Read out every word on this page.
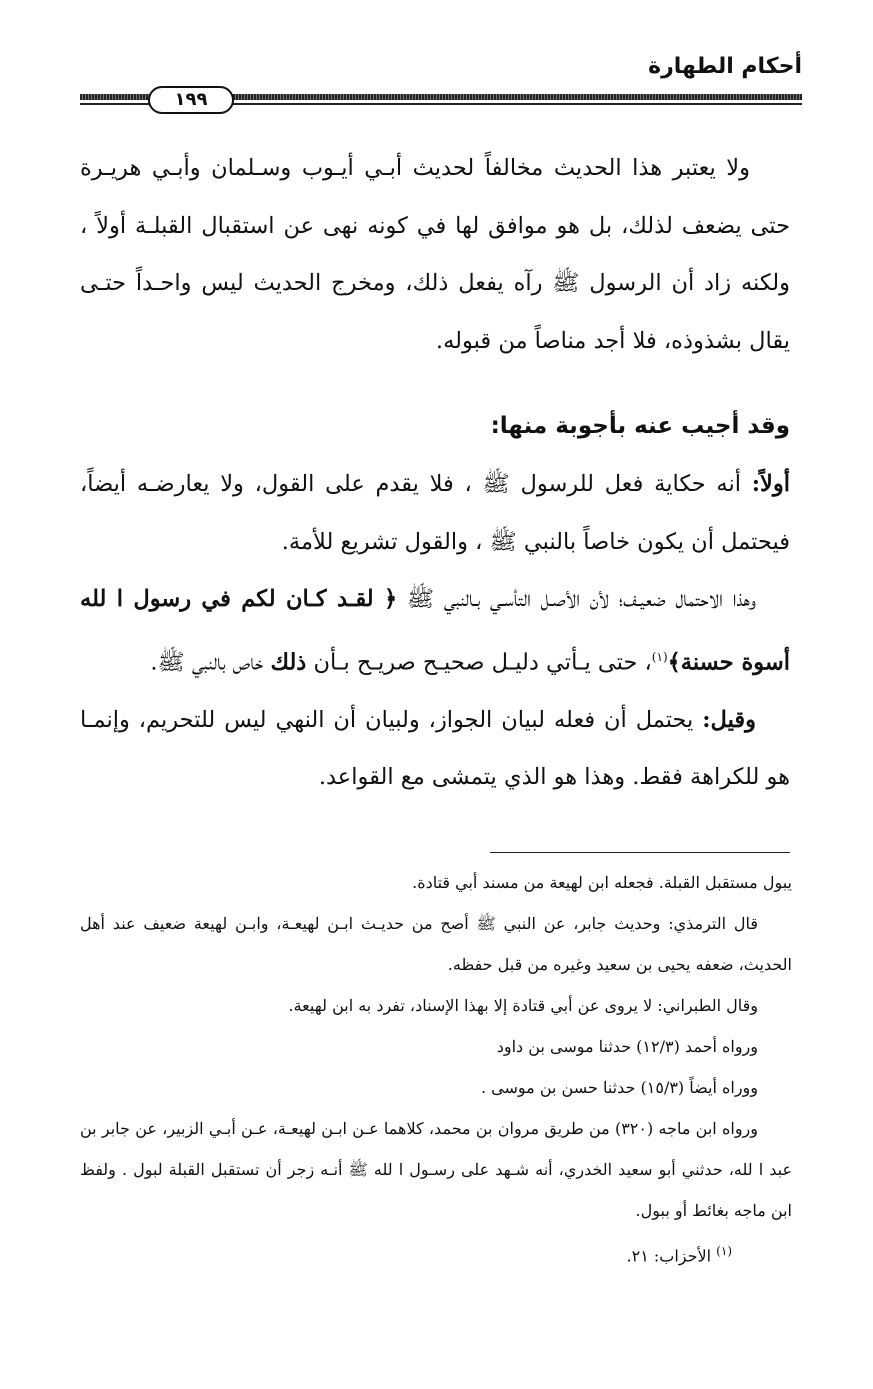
أحكام الطهارة
١٩٩

ولا يعتبر هذا الحديث مخالفاً لحديث أبـي أيـوب وسـلمان وأبـي هريـرة حتى يضعف لذلك، بل هو موافق لها في كونه نهى عن استقبال القبلـة أولاً ، ولكنه زاد أن الرسول ﷺ رآه يفعل ذلك، ومخرج الحديث ليس واحـداً حتـى يقال بشذوذه، فلا أجد مناصاً من قبوله.

وقد أجيب عنه بأجوبة منها:

أولاً: أنه حكاية فعل للرسول ﷺ ، فلا يقدم على القول، ولا يعارضـه أيضاً، فيحتمل أن يكون خاصاً بالنبي ﷺ ، والقول تشريع للأمة.

وهذا الاحتمال ضعيـف؛ لأن الأصـل التأسـي بـالنبي ﷺ ﴿ لقـد كـان لكم في رسول ا لله أسوة حسنة﴾$^{(١)}$، حتى يـأتي دليـل صحيـح صريـح بـأن ذلك خاص بالنبي ﷺ.

وقيل: يحتمل أن فعله لبيان الجواز، ولبيان أن النهي ليس للتحريم، وإنمـا هو للكراهة فقط. وهذا هو الذي يتمشى مع القواعد.

يبول مستقبل القبلة. فجعله ابن لهيعة من مسند أبي قتادة.

قال الترمذي: وحديث جابر، عن النبي ﷺ أصح من حديـث ابـن لهيعـة، وابـن لهيعة ضعيف عند أهل الحديث، ضعفه يحيى بن سعيد وغيره من قبل حفظه.

وقال الطبراني: لا يروى عن أبي قتادة إلا بهذا الإسناد، تفرد به ابن لهيعة.

ورواه أحمد (١٢/٣) حدثنا موسى بن داود

ووراه أيضاً (١٥/٣) حدثنا حسن بن موسى .

ورواه ابن ماجه (٣٢٠) من طريق مروان بن محمد، كلاهما عـن ابـن لهيعـة، عـن أبـي الزبير، عن جابر بن عبد ا لله، حدثني أبو سعيد الخدري، أنه شـهد على رسـول ا لله ﷺ أنـه زجر أن تستقبل القبلة لبول . ولفظ ابن ماجه بغائط أو ببول.

$^{(١)}$ الأحزاب: ٢١.
